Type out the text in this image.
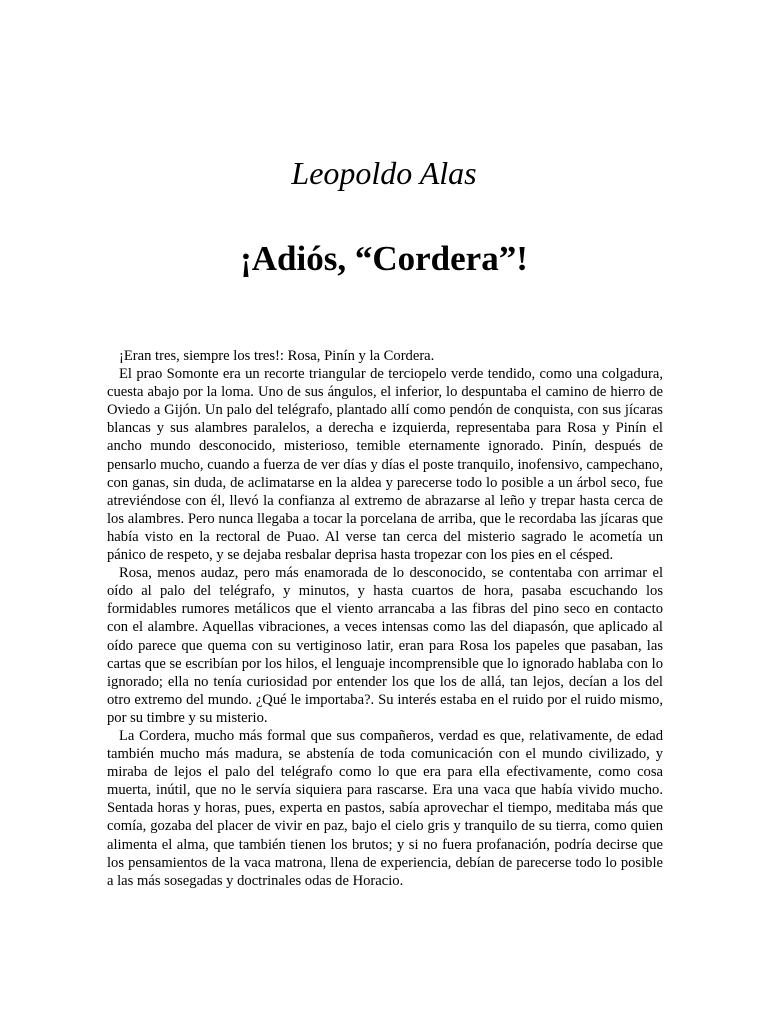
Leopoldo Alas
¡Adiós, “Cordera”!

¡Eran tres, siempre los tres!: Rosa, Pinín y la Cordera.

El prao Somonte era un recorte triangular de terciopelo verde tendido, como una colgadura, cuesta abajo por la loma. Uno de sus ángulos, el inferior, lo despuntaba el camino de hierro de Oviedo a Gijón. Un palo del telégrafo, plantado allí como pendón de conquista, con sus jícaras blancas y sus alambres paralelos, a derecha e izquierda, representaba para Rosa y Pinín el ancho mundo desconocido, misterioso, temible eternamente ignorado. Pinín, después de pensarlo mucho, cuando a fuerza de ver días y días el poste tranquilo, inofensivo, campechano, con ganas, sin duda, de aclimatarse en la aldea y parecerse todo lo posible a un árbol seco, fue atreviéndose con él, llevó la confianza al extremo de abrazarse al leño y trepar hasta cerca de los alambres. Pero nunca llegaba a tocar la porcelana de arriba, que le recordaba las jícaras que había visto en la rectoral de Puao. Al verse tan cerca del misterio sagrado le acometía un pánico de respeto, y se dejaba resbalar deprisa hasta tropezar con los pies en el césped.

Rosa, menos audaz, pero más enamorada de lo desconocido, se contentaba con arrimar el oído al palo del telégrafo, y minutos, y hasta cuartos de hora, pasaba escuchando los formidables rumores metálicos que el viento arrancaba a las fibras del pino seco en contacto con el alambre. Aquellas vibraciones, a veces intensas como las del diapasón, que aplicado al oído parece que quema con su vertiginoso latir, eran para Rosa los papeles que pasaban, las cartas que se escribían por los hilos, el lenguaje incomprensible que lo ignorado hablaba con lo ignorado; ella no tenía curiosidad por entender los que los de allá, tan lejos, decían a los del otro extremo del mundo. ¿Qué le importaba?. Su interés estaba en el ruido por el ruido mismo, por su timbre y su misterio.

La Cordera, mucho más formal que sus compañeros, verdad es que, relativamente, de edad también mucho más madura, se abstenía de toda comunicación con el mundo civilizado, y miraba de lejos el palo del telégrafo como lo que era para ella efectivamente, como cosa muerta, inútil, que no le servía siquiera para rascarse. Era una vaca que había vivido mucho. Sentada horas y horas, pues, experta en pastos, sabía aprovechar el tiempo, meditaba más que comía, gozaba del placer de vivir en paz, bajo el cielo gris y tranquilo de su tierra, como quien alimenta el alma, que también tienen los brutos; y si no fuera profanación, podría decirse que los pensamientos de la vaca matrona, llena de experiencia, debían de parecerse todo lo posible a las más sosegadas y doctrinales odas de Horacio.
